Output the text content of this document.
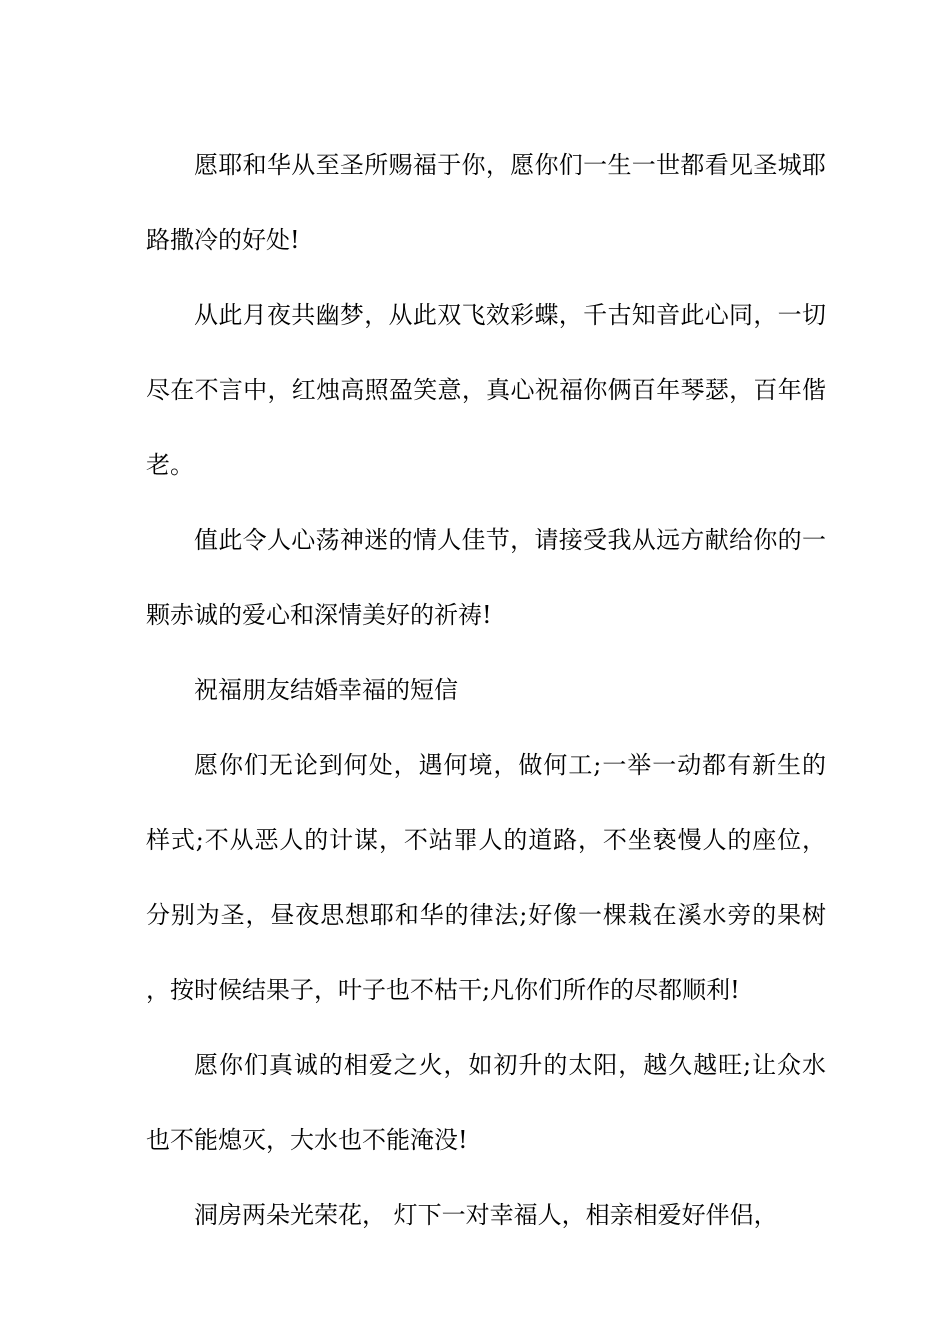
愿耶和华从至圣所赐福于你，愿你们一生一世都看见圣城耶路撒冷的好处!

从此月夜共幽梦，从此双飞效彩蝶，千古知音此心同，一切尽在不言中，红烛高照盈笑意，真心祝福你俩百年琴瑟，百年偕老。

值此令人心荡神迷的情人佳节，请接受我从远方献给你的一颗赤诚的爱心和深情美好的祈祷!

祝福朋友结婚幸福的短信

愿你们无论到何处，遇何境，做何工;一举一动都有新生的样式;不从恶人的计谋，不站罪人的道路，不坐亵慢人的座位，分别为圣，昼夜思想耶和华的律法;好像一棵栽在溪水旁的果树，按时候结果子，叶子也不枯干;凡你们所作的尽都顺利!

愿你们真诚的相爱之火，如初升的太阳，越久越旺;让众水也不能熄灭，大水也不能淹没!

洞房两朵光荣花， 灯下一对幸福人，相亲相爱好伴侣，
